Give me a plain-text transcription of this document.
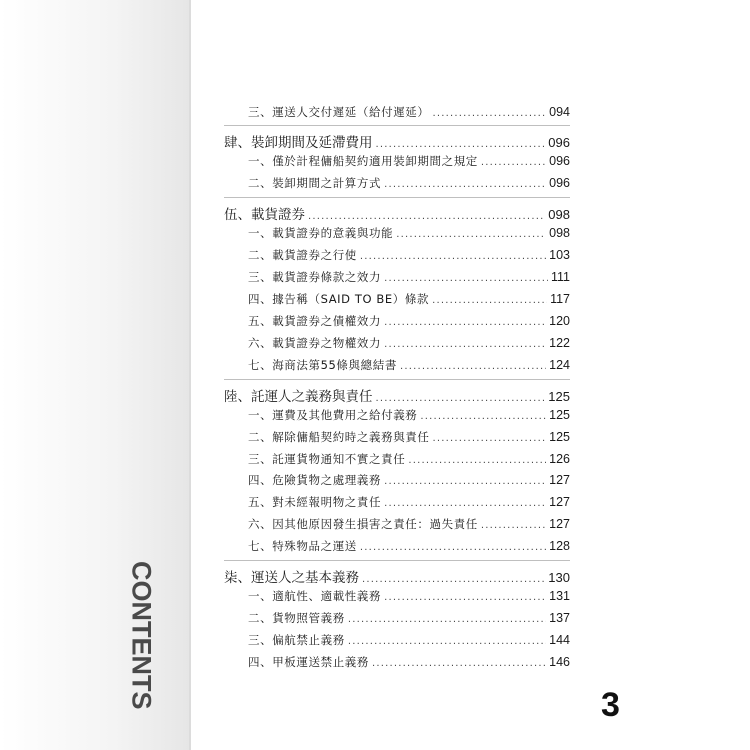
CONTENTS
三、運送人交付遲延（給付遲延） .....	094
肆、裝卸期間及延滯費用 .....	096
一、僅於計程傭船契約適用裝卸期間之規定 .....	096
二、裝卸期間之計算方式 .....	096
伍、載貨證券 .....	098
一、載貨證券的意義與功能 .....	098
二、載貨證券之行使 .....	103
三、載貨證券條款之效力 .....	111
四、據告稱（SAID TO BE）條款 .....	117
五、載貨證券之債權效力 .....	120
六、載貨證券之物權效力 .....	122
七、海商法第55條與總結書 .....	124
陸、託運人之義務與責任 .....	125
一、運費及其他費用之給付義務 .....	125
二、解除傭船契約時之義務與責任 .....	125
三、託運貨物通知不實之責任 .....	126
四、危險貨物之處理義務 .....	127
五、對未經報明物之責任 .....	127
六、因其他原因發生損害之責任：過失責任 .....	127
七、特殊物品之運送 .....	128
柒、運送人之基本義務 .....	130
一、適航性、適載性義務 .....	131
二、貨物照管義務 .....	137
三、偏航禁止義務 .....	144
四、甲板運送禁止義務 .....	146
3
